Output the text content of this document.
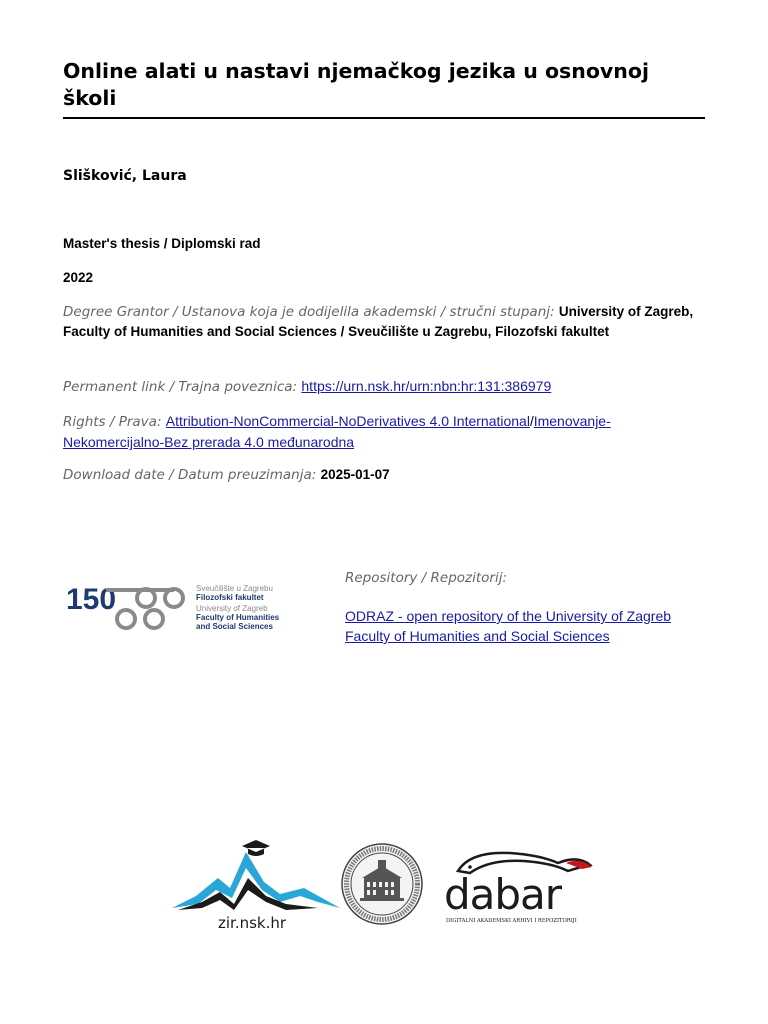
Online alati u nastavi njemačkog jezika u osnovnoj školi
Slišković, Laura
Master's thesis / Diplomski rad
2022
Degree Grantor / Ustanova koja je dodijelila akademski / stručni stupanj: University of Zagreb, Faculty of Humanities and Social Sciences / Sveučilište u Zagrebu, Filozofski fakultet
Permanent link / Trajna poveznica: https://urn.nsk.hr/urn:nbn:hr:131:386979
Rights / Prava: Attribution-NonCommercial-NoDerivatives 4.0 International/Imenovanje-Nekomercijalno-Bez prerada 4.0 međunarodna
Download date / Datum preuzimanja: 2025-01-07
150	Sveučilište u Zagrebu
Filozofski fakultet
University of Zagreb
Faculty of Humanities
and Social Sciences
Repository / Repozitorij:
ODRAZ - open repository of the University of Zagreb Faculty of Humanities and Social Sciences
zir.nsk.hr
dabar
DIGITALNI AKADEMSKI ARHIVI I REPOZITORIJI
